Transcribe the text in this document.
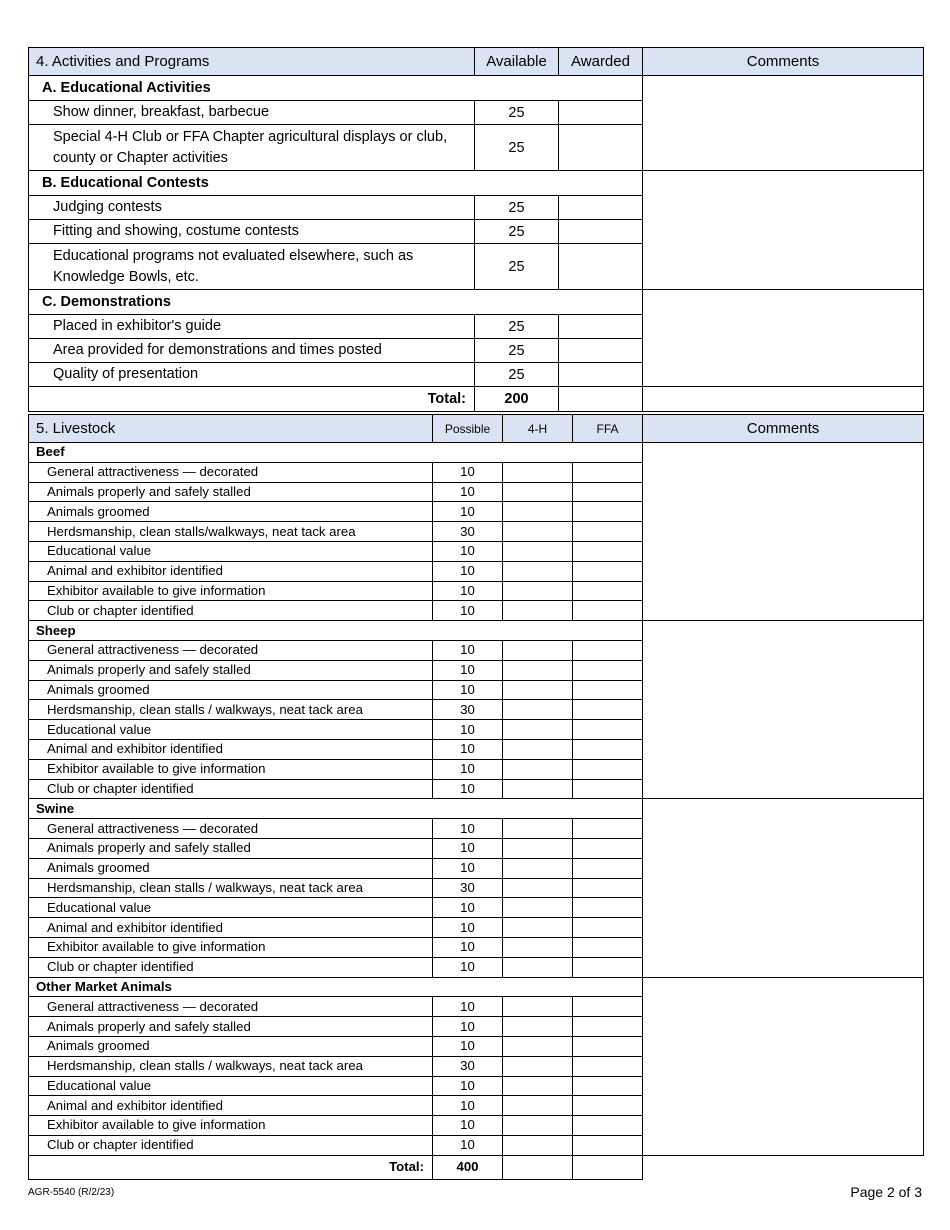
4. Activities and Programs	Available	Awarded	Comments
A. Educational Activities			
Show dinner, breakfast, barbecue	25		
Special 4-H Club or FFA Chapter agricultural displays or club, county or Chapter activities	25		
B. Educational Contests			
Judging contests	25		
Fitting and showing, costume contests	25		
Educational programs not evaluated elsewhere, such as Knowledge Bowls, etc.	25		
C. Demonstrations			
Placed in exhibitor's guide	25		
Area provided for demonstrations and times posted	25		
Quality of presentation	25		
Total:	200		
5. Livestock	Possible	4-H	FFA	Comments
Beef				
General attractiveness — decorated	10			
Animals properly and safely stalled	10			
Animals groomed	10			
Herdsmanship, clean stalls/walkways, neat tack area	30			
Educational value	10			
Animal and exhibitor identified	10			
Exhibitor available to give information	10			
Club or chapter identified	10			
Sheep				
General attractiveness — decorated	10			
Animals properly and safely stalled	10			
Animals groomed	10			
Herdsmanship, clean stalls / walkways, neat tack area	30			
Educational value	10			
Animal and exhibitor identified	10			
Exhibitor available to give information	10			
Club or chapter identified	10			
Swine				
General attractiveness — decorated	10			
Animals properly and safely stalled	10			
Animals groomed	10			
Herdsmanship, clean stalls / walkways, neat tack area	30			
Educational value	10			
Animal and exhibitor identified	10			
Exhibitor available to give information	10			
Club or chapter identified	10			
Other Market Animals				
General attractiveness — decorated	10			
Animals properly and safely stalled	10			
Animals groomed	10			
Herdsmanship, clean stalls / walkways, neat tack area	30			
Educational value	10			
Animal and exhibitor identified	10			
Exhibitor available to give information	10			
Club or chapter identified	10			
Total:	400			
AGR-5540 (R/2/23)	Page 2 of 3
